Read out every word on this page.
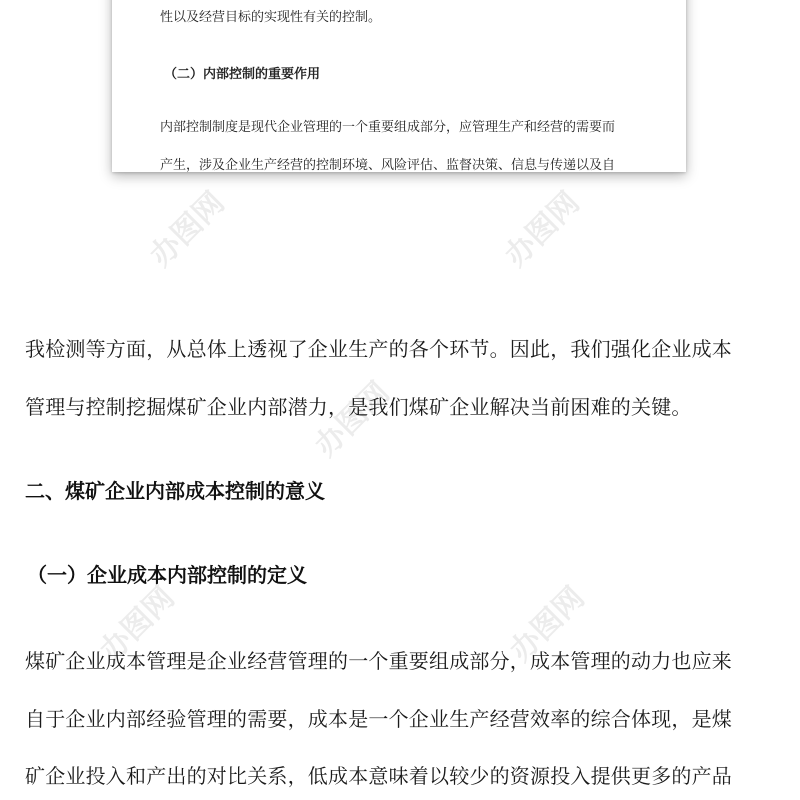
性以及经营目标的实现性有关的控制。
（二）内部控制的重要作用
内部控制制度是现代企业管理的一个重要组成部分，应管理生产和经营的需要而
产生，涉及企业生产经营的控制环境、风险评估、监督决策、信息与传递以及自
办图网	办图网
办图网
办图网	办图网
我检测等方面，从总体上透视了企业生产的各个环节。因此，我们强化企业成本
管理与控制挖掘煤矿企业内部潜力，是我们煤矿企业解决当前困难的关键。
二、煤矿企业内部成本控制的意义
（一）企业成本内部控制的定义
煤矿企业成本管理是企业经营管理的一个重要组成部分，成本管理的动力也应来
自于企业内部经验管理的需要，成本是一个企业生产经营效率的综合体现，是煤
矿企业投入和产出的对比关系，低成本意味着以较少的资源投入提供更多的产品
